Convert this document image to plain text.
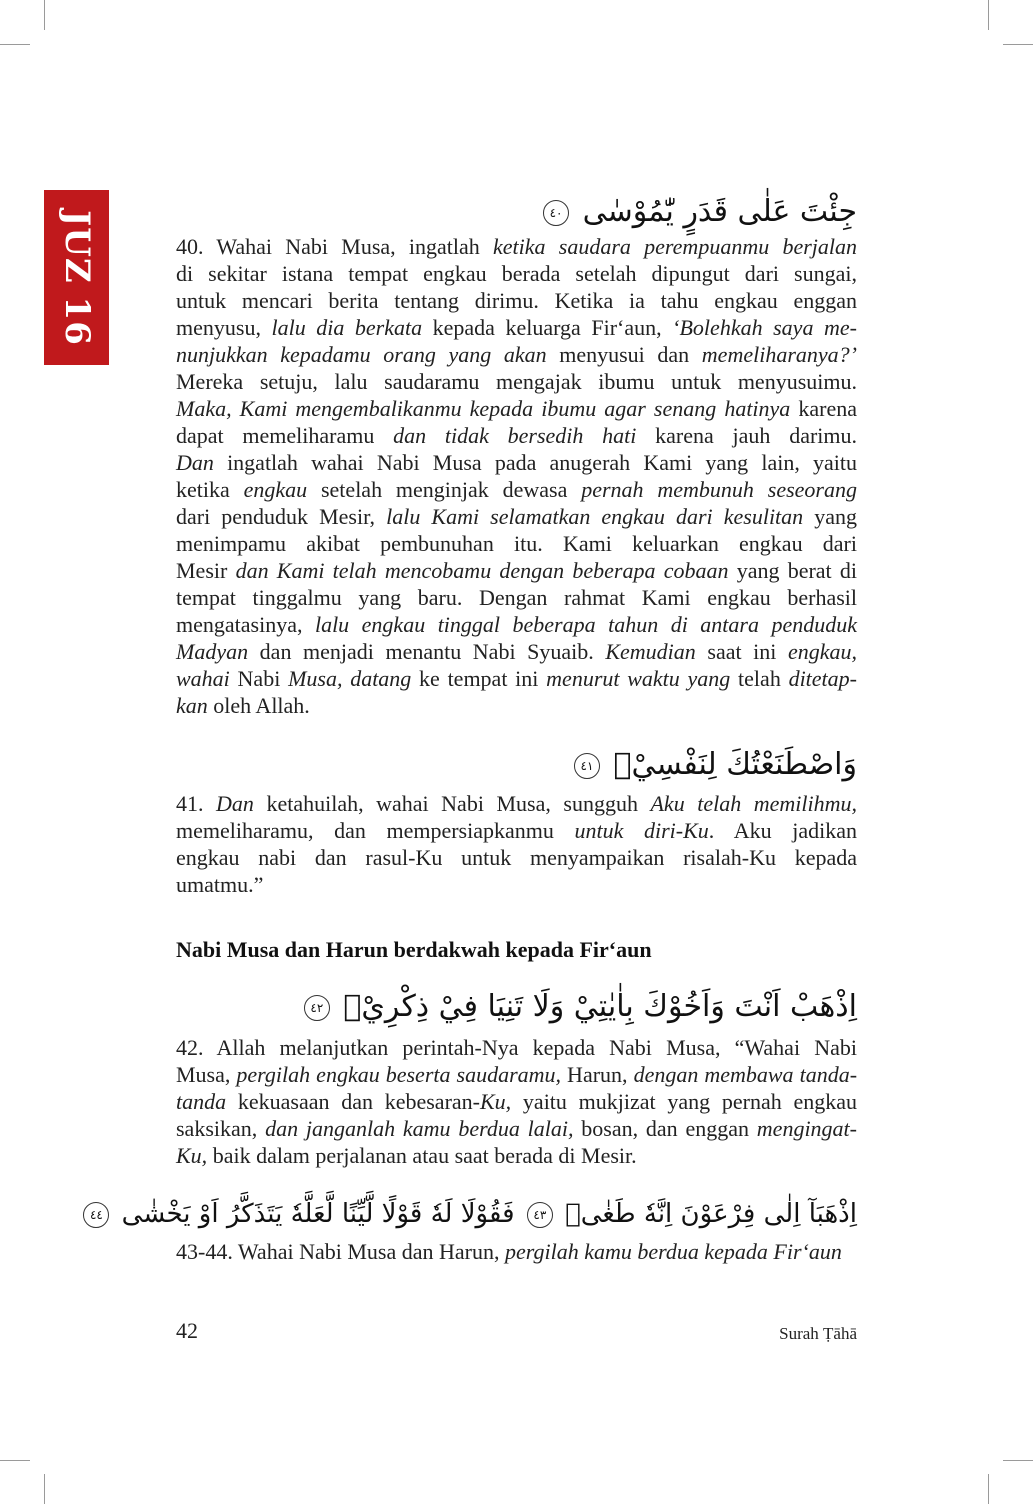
JUZ 16	جِئْتَ عَلٰى قَدَرٍ يّٰمُوْسٰى ٤٠
40. Wahai Nabi Musa, ingatlah ketika saudara perempuanmu berjalan
di sekitar istana tempat engkau berada setelah dipungut dari sungai,
untuk mencari berita tentang dirimu. Ketika ia tahu engkau enggan
menyusu, lalu dia berkata kepada keluarga Firʻaun, ‘Bolehkah saya me-
nunjukkan kepadamu orang yang akan menyusui dan memeliharanya?’
Mereka setuju, lalu saudaramu mengajak ibumu untuk menyusuimu.
Maka, Kami mengembalikanmu kepada ibumu agar senang hatinya karena
dapat memeliharamu dan tidak bersedih hati karena jauh darimu.
Dan ingatlah wahai Nabi Musa pada anugerah Kami yang lain, yaitu
ketika engkau setelah menginjak dewasa pernah membunuh seseorang
dari penduduk Mesir, lalu Kami selamatkan engkau dari kesulitan yang
menimpamu akibat pembunuhan itu. Kami keluarkan engkau dari
Mesir dan Kami telah mencobamu dengan beberapa cobaan yang berat di
tempat tinggalmu yang baru. Dengan rahmat Kami engkau berhasil
mengatasinya, lalu engkau tinggal beberapa tahun di antara penduduk
Madyan dan menjadi menantu Nabi Syuaib. Kemudian saat ini engkau,
wahai Nabi Musa, datang ke tempat ini menurut waktu yang telah ditetap-
kan oleh Allah.
وَاصْطَنَعْتُكَ لِنَفْسِيْۚ ٤١
41. Dan ketahuilah, wahai Nabi Musa, sungguh Aku telah memilihmu,
memeliharamu, dan mempersiapkanmu untuk diri-Ku. Aku jadikan
engkau nabi dan rasul-Ku untuk menyampaikan risalah-Ku kepada
umatmu.”
Nabi Musa dan Harun berdakwah kepada Firʻaun
اِذْهَبْ اَنْتَ وَاَخُوْكَ بِاٰيٰتِيْ وَلَا تَنِيَا فِيْ ذِكْرِيْۚ ٤٢
42. Allah melanjutkan perintah-Nya kepada Nabi Musa, “Wahai Nabi
Musa, pergilah engkau beserta saudaramu, Harun, dengan membawa tanda-
tanda kekuasaan dan kebesaran-Ku, yaitu mukjizat yang pernah engkau
saksikan, dan janganlah kamu berdua lalai, bosan, dan enggan mengingat-
Ku, baik dalam perjalanan atau saat berada di Mesir.
اِذْهَبَآ اِلٰى فِرْعَوْنَ اِنَّهٗ طَغٰىۚ ٤٣ فَقُوْلَا لَهٗ قَوْلًا لَّيِّنًا لَّعَلَّهٗ يَتَذَكَّرُ اَوْ يَخْشٰى ٤٤
43-44. Wahai Nabi Musa dan Harun, pergilah kamu berdua kepada Firʻaun
42	Surah Ṭāhā
